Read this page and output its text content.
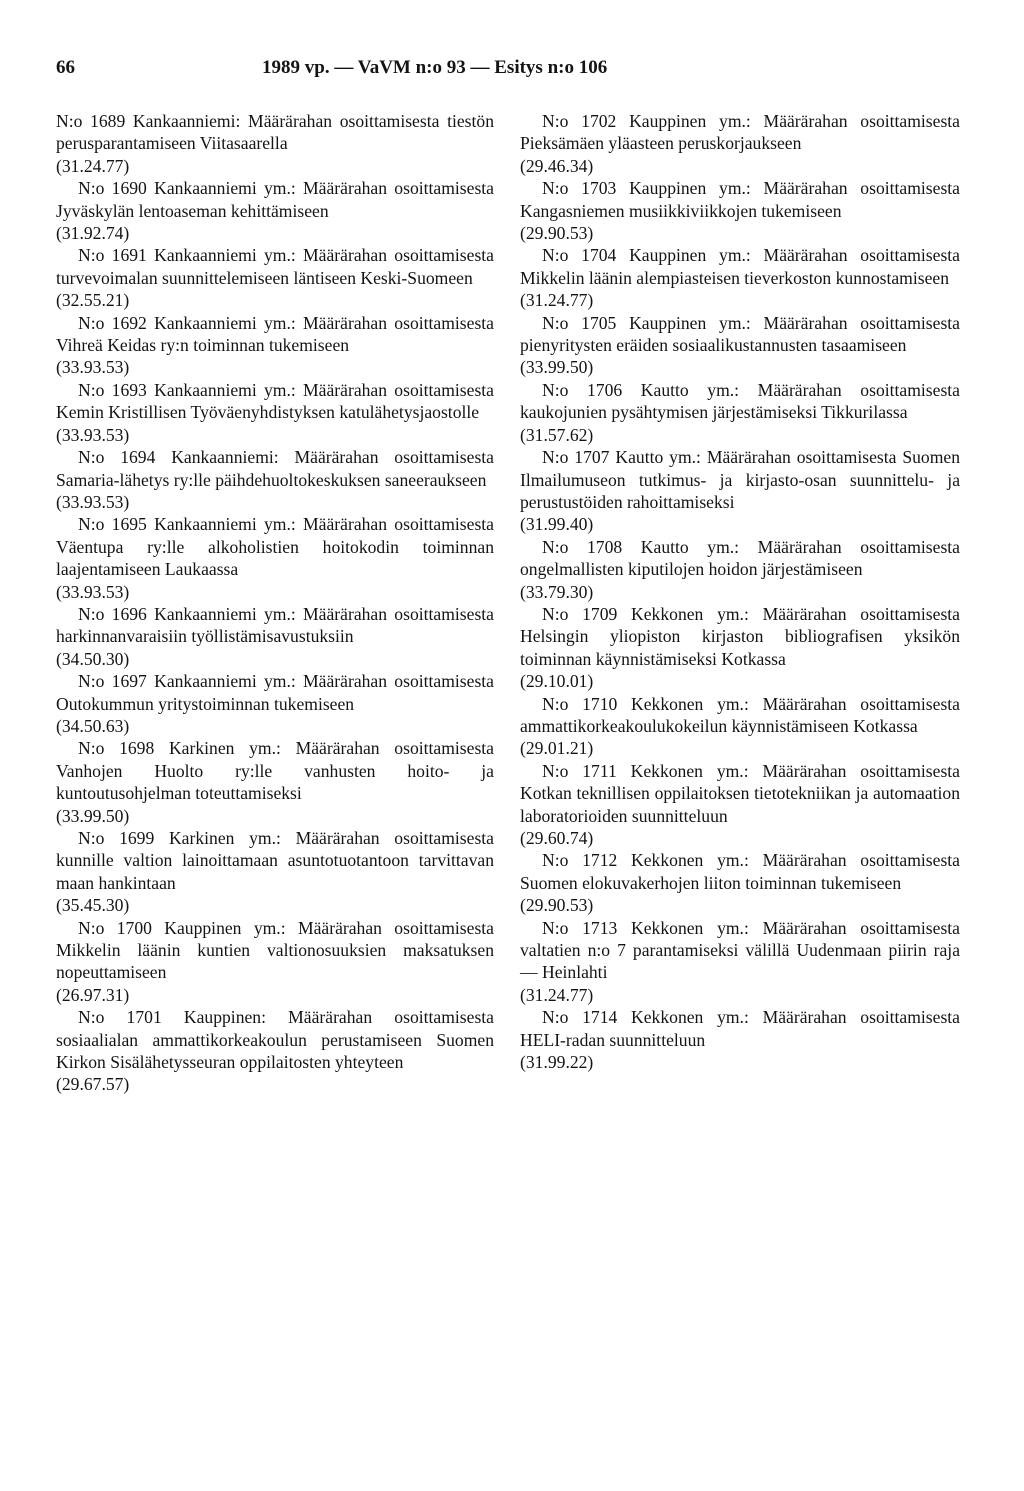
66	1989 vp. — VaVM n:o 93 — Esitys n:o 106
N:o 1689 Kankaanniemi: Määrärahan osoittamisesta tiestön perusparantamiseen Viitasaarella
(31.24.77)
N:o 1690 Kankaanniemi ym.: Määrärahan osoittamisesta Jyväskylän lentoaseman kehittämiseen
(31.92.74)
N:o 1691 Kankaanniemi ym.: Määrärahan osoittamisesta turvevoimalan suunnittelemiseen läntiseen Keski-Suomeen
(32.55.21)
N:o 1692 Kankaanniemi ym.: Määrärahan osoittamisesta Vihreä Keidas ry:n toiminnan tukemiseen
(33.93.53)
N:o 1693 Kankaanniemi ym.: Määrärahan osoittamisesta Kemin Kristillisen Työväenyhdistyksen katulähetysjaostolle
(33.93.53)
N:o 1694 Kankaanniemi: Määrärahan osoittamisesta Samaria-lähetys ry:lle päihdehuoltokeskuksen saneeraukseen
(33.93.53)
N:o 1695 Kankaanniemi ym.: Määrärahan osoittamisesta Väentupa ry:lle alkoholistien hoitokodin toiminnan laajentamiseen Laukaassa
(33.93.53)
N:o 1696 Kankaanniemi ym.: Määrärahan osoittamisesta harkinnanvaraisiin työllistämisavustuksiin
(34.50.30)
N:o 1697 Kankaanniemi ym.: Määrärahan osoittamisesta Outokummun yritystoiminnan tukemiseen
(34.50.63)
N:o 1698 Karkinen ym.: Määrärahan osoittamisesta Vanhojen Huolto ry:lle vanhusten hoito- ja kuntoutusohjelman toteuttamiseksi
(33.99.50)
N:o 1699 Karkinen ym.: Määrärahan osoittamisesta kunnille valtion lainoittamaan asuntotuotantoon tarvittavan maan hankintaan
(35.45.30)
N:o 1700 Kauppinen ym.: Määrärahan osoittamisesta Mikkelin läänin kuntien valtionosuuksien maksatuksen nopeuttamiseen
(26.97.31)
N:o 1701 Kauppinen: Määrärahan osoittamisesta sosiaalialan ammattikorkeakoulun perustamiseen Suomen Kirkon Sisälähetysseuran oppilaitosten yhteyteen
(29.67.57)
N:o 1702 Kauppinen ym.: Määrärahan osoittamisesta Pieksämäen yläasteen peruskorjaukseen
(29.46.34)
N:o 1703 Kauppinen ym.: Määrärahan osoittamisesta Kangasniemen musiikkiviikkojen tukemiseen
(29.90.53)
N:o 1704 Kauppinen ym.: Määrärahan osoittamisesta Mikkelin läänin alempiasteisen tieverkoston kunnostamiseen
(31.24.77)
N:o 1705 Kauppinen ym.: Määrärahan osoittamisesta pienyritysten eräiden sosiaalikustannusten tasaamiseen
(33.99.50)
N:o 1706 Kautto ym.: Määrärahan osoittamisesta kaukojunien pysähtymisen järjestämiseksi Tikkurilassa
(31.57.62)
N:o 1707 Kautto ym.: Määrärahan osoittamisesta Suomen Ilmailumuseon tutkimus- ja kirjasto-osan suunnittelu- ja perustustöiden rahoittamiseksi
(31.99.40)
N:o 1708 Kautto ym.: Määrärahan osoittamisesta ongelmallisten kiputilojen hoidon järjestämiseen
(33.79.30)
N:o 1709 Kekkonen ym.: Määrärahan osoittamisesta Helsingin yliopiston kirjaston bibliografisen yksikön toiminnan käynnistämiseksi Kotkassa
(29.10.01)
N:o 1710 Kekkonen ym.: Määrärahan osoittamisesta ammattikorkeakoulukokeilun käynnistämiseen Kotkassa
(29.01.21)
N:o 1711 Kekkonen ym.: Määrärahan osoittamisesta Kotkan teknillisen oppilaitoksen tietotekniikan ja automaation laboratorioiden suunnitteluun
(29.60.74)
N:o 1712 Kekkonen ym.: Määrärahan osoittamisesta Suomen elokuvakerhojen liiton toiminnan tukemiseen
(29.90.53)
N:o 1713 Kekkonen ym.: Määrärahan osoittamisesta valtatien n:o 7 parantamiseksi välillä Uudenmaan piirin raja — Heinlahti
(31.24.77)
N:o 1714 Kekkonen ym.: Määrärahan osoittamisesta HELI-radan suunnitteluun
(31.99.22)
